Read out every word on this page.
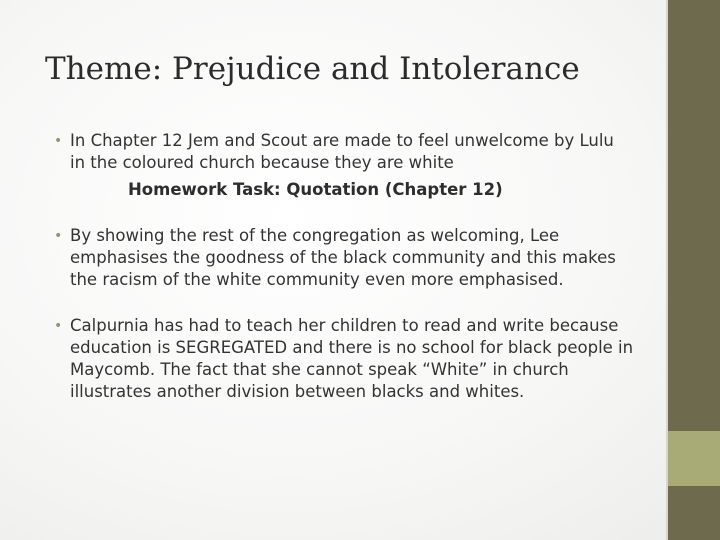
Theme: Prejudice and Intolerance
• In Chapter 12 Jem and Scout are made to feel unwelcome by Lulu in the coloured church because they are white
Homework Task: Quotation (Chapter 12)
• By showing the rest of the congregation as welcoming, Lee emphasises the goodness of the black community and this makes the racism of the white community even more emphasised.
• Calpurnia has had to teach her children to read and write because education is SEGREGATED and there is no school for black people in Maycomb. The fact that she cannot speak “White” in church illustrates another division between blacks and whites.
